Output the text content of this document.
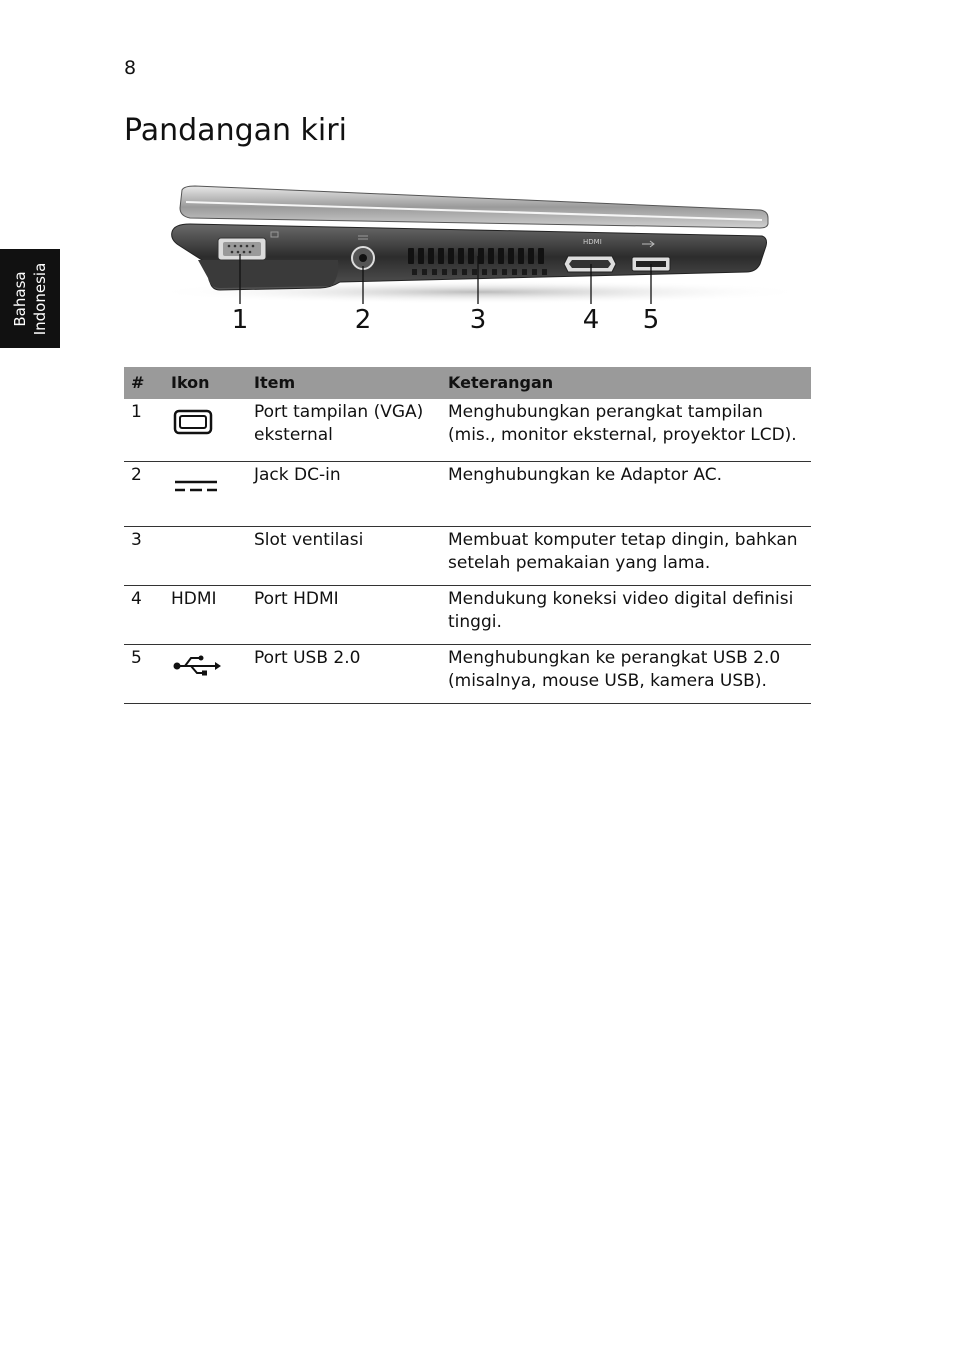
8
Bahasa Indonesia
Pandangan kiri
HDMI
1	2	3	4 5
#	Ikon	Item	Keterangan
1		Port tampilan (VGA) eksternal	Menghubungkan perangkat tampilan (mis., monitor eksternal, proyektor LCD).
2		Jack DC-in	Menghubungkan ke Adaptor AC.
3		Slot ventilasi	Membuat komputer tetap dingin, bahkan setelah pemakaian yang lama.
4	HDMI	Port HDMI	Mendukung koneksi video digital definisi tinggi.
5		Port USB 2.0	Menghubungkan ke perangkat USB 2.0 (misalnya, mouse USB, kamera USB).
